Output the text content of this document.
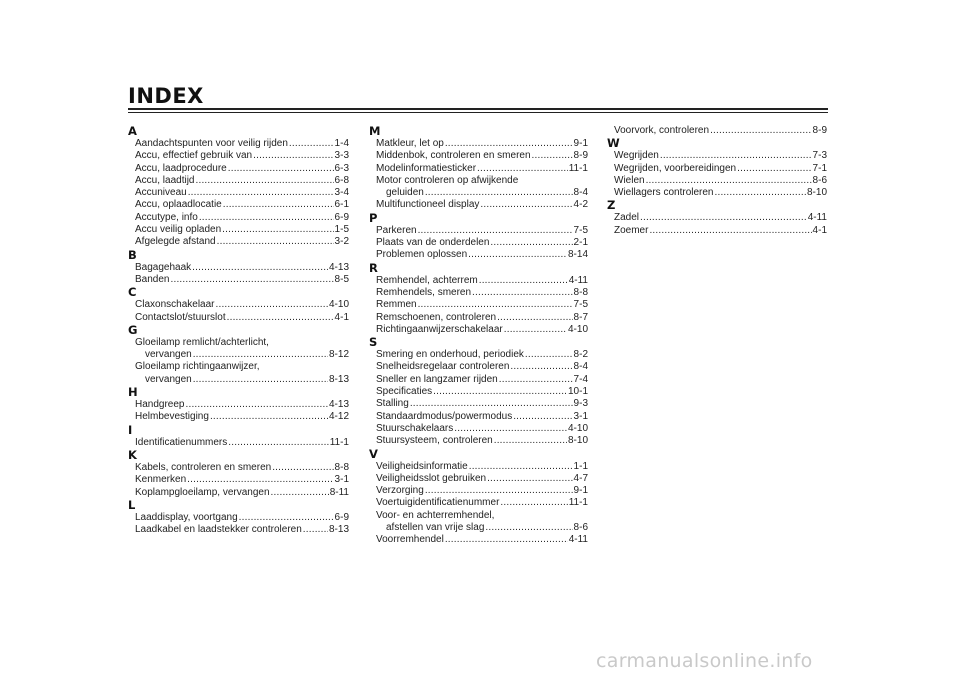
INDEX
A
Aandachtspunten voor veilig rijden .....	1-4
Accu, effectief gebruik van .....	3-3
Accu, laadprocedure .....	6-3
Accu, laadtijd .....	6-8
Accuniveau .....	3-4
Accu, oplaadlocatie .....	6-1
Accutype, info .....	6-9
Accu veilig opladen .....	1-5
Afgelegde afstand .....	3-2
B
Bagagehaak .....	4-13
Banden .....	8-5
C
Claxonschakelaar .....	4-10
Contactslot/stuurslot .....	4-1
G
Gloeilamp remlicht/achterlicht,
vervangen .....	8-12
Gloeilamp richtingaanwijzer,
vervangen .....	8-13
H
Handgreep .....	4-13
Helmbevestiging .....	4-12
I
Identificatienummers .....	11-1
K
Kabels, controleren en smeren .....	8-8
Kenmerken .....	3-1
Koplampgloeilamp, vervangen .....	8-11
L
Laaddisplay, voortgang .....	6-9
Laadkabel en laadstekker controleren .....	8-13
M
Matkleur, let op .....	9-1
Middenbok, controleren en smeren .....	8-9
Modelinformatiesticker .....	11-1
Motor controleren op afwijkende
geluiden .....	8-4
Multifunctioneel display .....	4-2
P
Parkeren .....	7-5
Plaats van de onderdelen .....	2-1
Problemen oplossen .....	8-14
R
Remhendel, achterrem .....	4-11
Remhendels, smeren .....	8-8
Remmen .....	7-5
Remschoenen, controleren .....	8-7
Richtingaanwijzerschakelaar .....	4-10
S
Smering en onderhoud, periodiek .....	8-2
Snelheidsregelaar controleren .....	8-4
Sneller en langzamer rijden .....	7-4
Specificaties .....	10-1
Stalling .....	9-3
Standaardmodus/powermodus .....	3-1
Stuurschakelaars .....	4-10
Stuursysteem, controleren .....	8-10
V
Veiligheidsinformatie .....	1-1
Veiligheidsslot gebruiken .....	4-7
Verzorging .....	9-1
Voertuigidentificatienummer .....	11-1
Voor- en achterremhendel,
afstellen van vrije slag .....	8-6
Voorremhendel .....	4-11
Voorvork, controleren .....	8-9
W
Wegrijden .....	7-3
Wegrijden, voorbereidingen .....	7-1
Wielen .....	8-6
Wiellagers controleren .....	8-10
Z
Zadel .....	4-11
Zoemer .....	4-1
carmanualsonline.info
